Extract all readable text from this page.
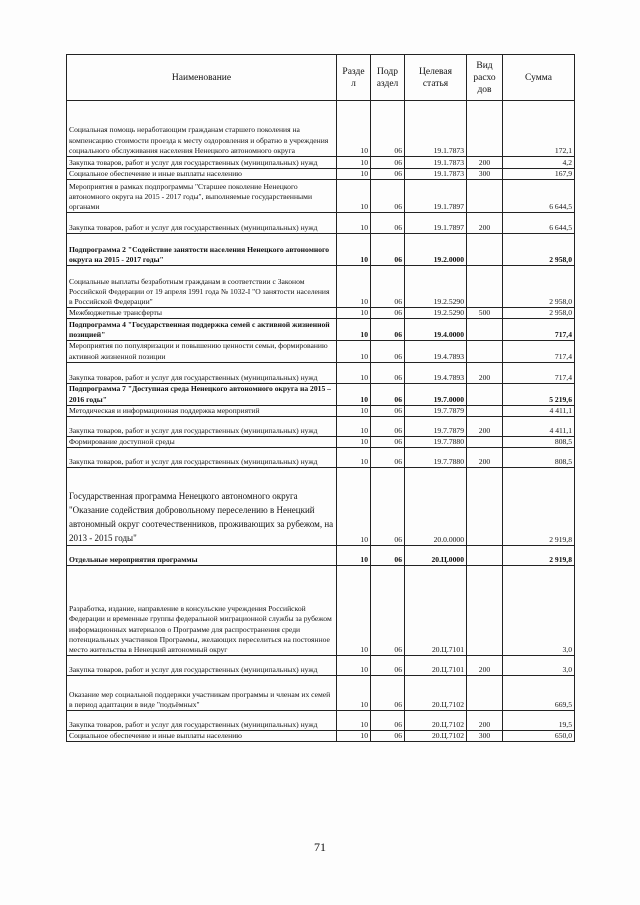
Наименование	Разде л	Подр аздел	Целевая статья	Вид расхо дов	Сумма
Социальная помощь неработающим гражданам старшего поколения на компенсацию стоимости проезда к месту оздоровления и обратно в учреждения социального обслуживания населения Ненецкого автономного округа	10	06	19.1.7873		172,1
Закупка товаров, работ и услуг для государственных (муниципальных) нужд	10	06	19.1.7873	200	4,2
Социальное обеспечение и иные выплаты населению	10	06	19.1.7873	300	167,9
Мероприятия в рамках подпрограммы "Старшее поколение Ненецкого автономного округа на 2015 - 2017 годы", выполняемые государственными органами	10	06	19.1.7897		6 644,5
Закупка товаров, работ и услуг для государственных (муниципальных) нужд	10	06	19.1.7897	200	6 644,5
Подпрограмма 2 "Содействие занятости населения Ненецкого автономного округа на 2015 - 2017 годы"	10	06	19.2.0000		2 958,0
Социальные выплаты безработным гражданам в соответствии с Законом Российской Федерации от 19 апреля 1991 года № 1032-I "О занятости населения в Российской Федерации"	10	06	19.2.5290		2 958,0
Межбюджетные трансферты	10	06	19.2.5290	500	2 958,0
Подпрограмма 4 "Государственная поддержка семей с активной жизненной позицией"	10	06	19.4.0000		717,4
Мероприятия по популяризации и повышению ценности семьи, формированию активной жизненной позиции	10	06	19.4.7893		717,4
Закупка товаров, работ и услуг для государственных (муниципальных) нужд	10	06	19.4.7893	200	717,4
Подпрограмма 7 "Доступная среда Ненецкого автономного округа на 2015 – 2016 годы"	10	06	19.7.0000		5 219,6
Методическая и информационная поддержка мероприятий	10	06	19.7.7879		4 411,1
Закупка товаров, работ и услуг для государственных (муниципальных) нужд	10	06	19.7.7879	200	4 411,1
Формирование доступной среды	10	06	19.7.7880		808,5
Закупка товаров, работ и услуг для государственных (муниципальных) нужд	10	06	19.7.7880	200	808,5
Государственная программа Ненецкого автономного округа "Оказание содействия добровольному переселению в Ненецкий автономный округ соотечественников, проживающих за рубежом, на 2013 - 2015 годы"	10	06	20.0.0000		2 919,8
Отдельные мероприятия программы	10	06	20.Ц.0000		2 919,8
Разработка, издание, направление в консульские учреждения Российской Федерации и временные группы федеральной миграционной службы за рубежом информационных материалов о Программе для распространения среди потенциальных участников Программы, желающих переселиться на постоянное место жительства в Ненецкий автономный округ	10	06	20.Ц.7101		3,0
Закупка товаров, работ и услуг для государственных (муниципальных) нужд	10	06	20.Ц.7101	200	3,0
Оказание мер социальной поддержки участникам программы и членам их семей в период адаптации в виде "подъёмных"	10	06	20.Ц.7102		669,5
Закупка товаров, работ и услуг для государственных (муниципальных) нужд	10	06	20.Ц.7102	200	19,5
Социальное обеспечение и иные выплаты населению	10	06	20.Ц.7102	300	650,0
71
